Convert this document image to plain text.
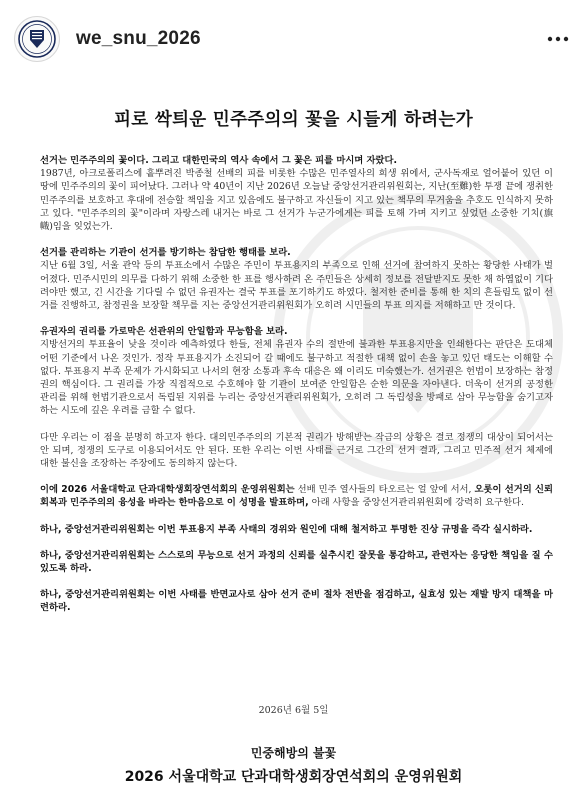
we_snu_2026
피로 싹틔운 민주주의의 꽃을 시들게 하려는가
선거는 민주주의의 꽃이다. 그리고 대한민국의 역사 속에서 그 꽃은 피를 마시며 자랐다.
1987년, 아크로폴리스에 흩뿌려진 박종철 선배의 피를 비롯한 수많은 민주열사의 희생 위에서, 군사독재로 얼어붙어 있던 이 땅에 민주주의의 꽃이 피어났다. 그러나 약 40년이 지난 2026년 오늘날 중앙선거관리위원회는, 지난(至難)한 투쟁 끝에 쟁취한 민주주의를 보호하고 후대에 전승할 책임을 지고 있음에도 불구하고 자신들이 지고 있는 책무의 무거움을 추호도 인식하지 못하고 있다. "민주주의의 꽃"이라며 자랑스레 내거는 바로 그 선거가 누군가에게는 피를 토해 가며 지키고 싶었던 소중한 기치(旗幟)임을 잊었는가.
선거를 관리하는 기관이 선거를 방기하는 참담한 행태를 보라.
지난 6월 3일, 서울 관악 등의 투표소에서 수많은 주민이 투표용지의 부족으로 인해 선거에 참여하지 못하는 황당한 사태가 벌어졌다. 민주시민의 의무를 다하기 위해 소중한 한 표를 행사하려 온 주민들은 상세히 정보를 전달받지도 못한 채 하염없이 기다려야만 했고, 긴 시간을 기다릴 수 없던 유권자는 결국 투표를 포기하기도 하였다. 철저한 준비를 통해 한 치의 흔들림도 없이 선거를 진행하고, 참정권을 보장할 책무를 지는 중앙선거관리위원회가 오히려 시민들의 투표 의지를 저해하고 만 것이다.
유권자의 권리를 가로막은 선관위의 안일함과 무능함을 보라.
지방선거의 투표율이 낮을 것이라 예측하였다 한들, 전체 유권자 수의 절반에 불과한 투표용지만을 인쇄한다는 판단은 도대체 어떤 기준에서 나온 것인가. 정작 투표용지가 소진되어 갈 때에도 불구하고 적절한 대책 없이 손을 놓고 있던 태도는 이해할 수 없다. 투표용지 부족 문제가 가시화되고 나서의 현장 소통과 후속 대응은 왜 이리도 미숙했는가. 선거권은 헌법이 보장하는 참정권의 핵심이다. 그 권리를 가장 직접적으로 수호해야 할 기관이 보여준 안일함은 순한 의문을 자아낸다. 더욱이 선거의 공정한 관리를 위해 헌법기관으로서 독립된 지위를 누리는 중앙선거관리위원회가, 오히려 그 독립성을 방패로 삼아 무능함을 숨기고자 하는 시도에 깊은 우려를 금할 수 없다.
다만 우리는 이 점을 분명히 하고자 한다. 대의민주주의의 기본적 권리가 방해받는 작금의 상황은 결코 정쟁의 대상이 되어서는 안 되며, 정쟁의 도구로 이용되어서도 안 된다. 또한 우리는 이번 사태를 근거로 그간의 선거 결과, 그리고 민주적 선거 체제에 대한 불신을 조장하는 주장에도 동의하지 않는다.
이에 2026 서울대학교 단과대학생회장연석회의 운영위원회는 선배 민주 열사들의 타오르는 얼 앞에 서서, 오롯이 선거의 신뢰 회복과 민주주의의 융성을 바라는 한마음으로 이 성명을 발표하며, 아래 사항을 중앙선거관리위원회에 강력히 요구한다.
하나, 중앙선거관리위원회는 이번 투표용지 부족 사태의 경위와 원인에 대해 철저하고 투명한 진상 규명을 즉각 실시하라.
하나, 중앙선거관리위원회는 스스로의 무능으로 선거 과정의 신뢰를 실추시킨 잘못을 통감하고, 관련자는 응당한 책임을 질 수 있도록 하라.
하나, 중앙선거관리위원회는 이번 사태를 반면교사로 삼아 선거 준비 절차 전반을 점검하고, 실효성 있는 재발 방지 대책을 마련하라.
2026년 6월 5일
민중해방의 불꽃
2026 서울대학교 단과대학생회장연석회의 운영위원회
